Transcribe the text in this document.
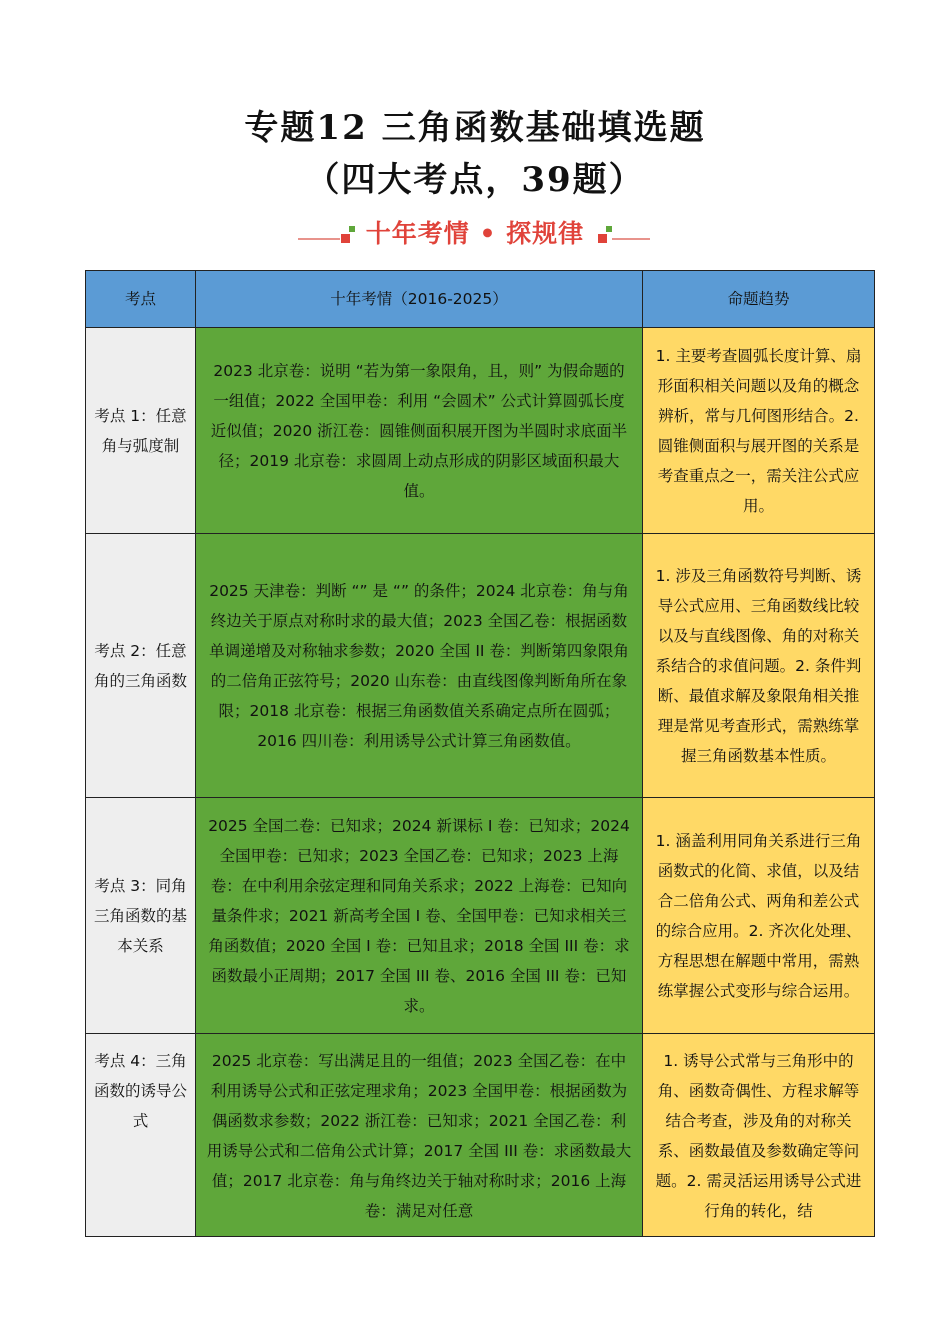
专题12 三角函数基础填选题
（四大考点，39题）
十年考情 • 探规律
考点	十年考情（2016-2025）	命题趋势
考点 1：任意角与弧度制	2023 北京卷：说明 “若为第一象限角，且，则” 为假命题的一组值；2022 全国甲卷：利用 “会圆术” 公式计算圆弧长度近似值；2020 浙江卷：圆锥侧面积展开图为半圆时求底面半径；2019 北京卷：求圆周上动点形成的阴影区域面积最大值。	1. 主要考查圆弧长度计算、扇形面积相关问题以及角的概念辨析，常与几何图形结合。2. 圆锥侧面积与展开图的关系是考查重点之一，需关注公式应用。
考点 2：任意角的三角函数	2025 天津卷：判断 “” 是 “” 的条件；2024 北京卷：角与角终边关于原点对称时求的最大值；2023 全国乙卷：根据函数单调递增及对称轴求参数；2020 全国 II 卷：判断第四象限角的二倍角正弦符号；2020 山东卷：由直线图像判断角所在象限；2018 北京卷：根据三角函数值关系确定点所在圆弧；2016 四川卷：利用诱导公式计算三角函数值。	1. 涉及三角函数符号判断、诱导公式应用、三角函数线比较以及与直线图像、角的对称关系结合的求值问题。2. 条件判断、最值求解及象限角相关推理是常见考查形式，需熟练掌握三角函数基本性质。
考点 3：同角三角函数的基本关系	2025 全国二卷：已知求；2024 新课标 I 卷：已知求；2024 全国甲卷：已知求；2023 全国乙卷：已知求；2023 上海卷：在中利用余弦定理和同角关系求；2022 上海卷：已知向量条件求；2021 新高考全国 I 卷、全国甲卷：已知求相关三角函数值；2020 全国 I 卷：已知且求；2018 全国 III 卷：求函数最小正周期；2017 全国 III 卷、2016 全国 III 卷：已知求。	1. 涵盖利用同角关系进行三角函数式的化简、求值，以及结合二倍角公式、两角和差公式的综合应用。2. 齐次化处理、方程思想在解题中常用，需熟练掌握公式变形与综合运用。

考点 4：三角函数的诱导公式	2025 北京卷：写出满足且的一组值；2023 全国乙卷：在中利用诱导公式和正弦定理求角；2023 全国甲卷：根据函数为偶函数求参数；2022 浙江卷：已知求；2021 全国乙卷：利用诱导公式和二倍角公式计算；2017 全国 III 卷：求函数最大值；2017 北京卷：角与角终边关于轴对称时求；2016 上海卷：满足对任意	1. 诱导公式常与三角形中的角、函数奇偶性、方程求解等结合考查，涉及角的对称关系、函数最值及参数确定等问题。2. 需灵活运用诱导公式进行角的转化，结
